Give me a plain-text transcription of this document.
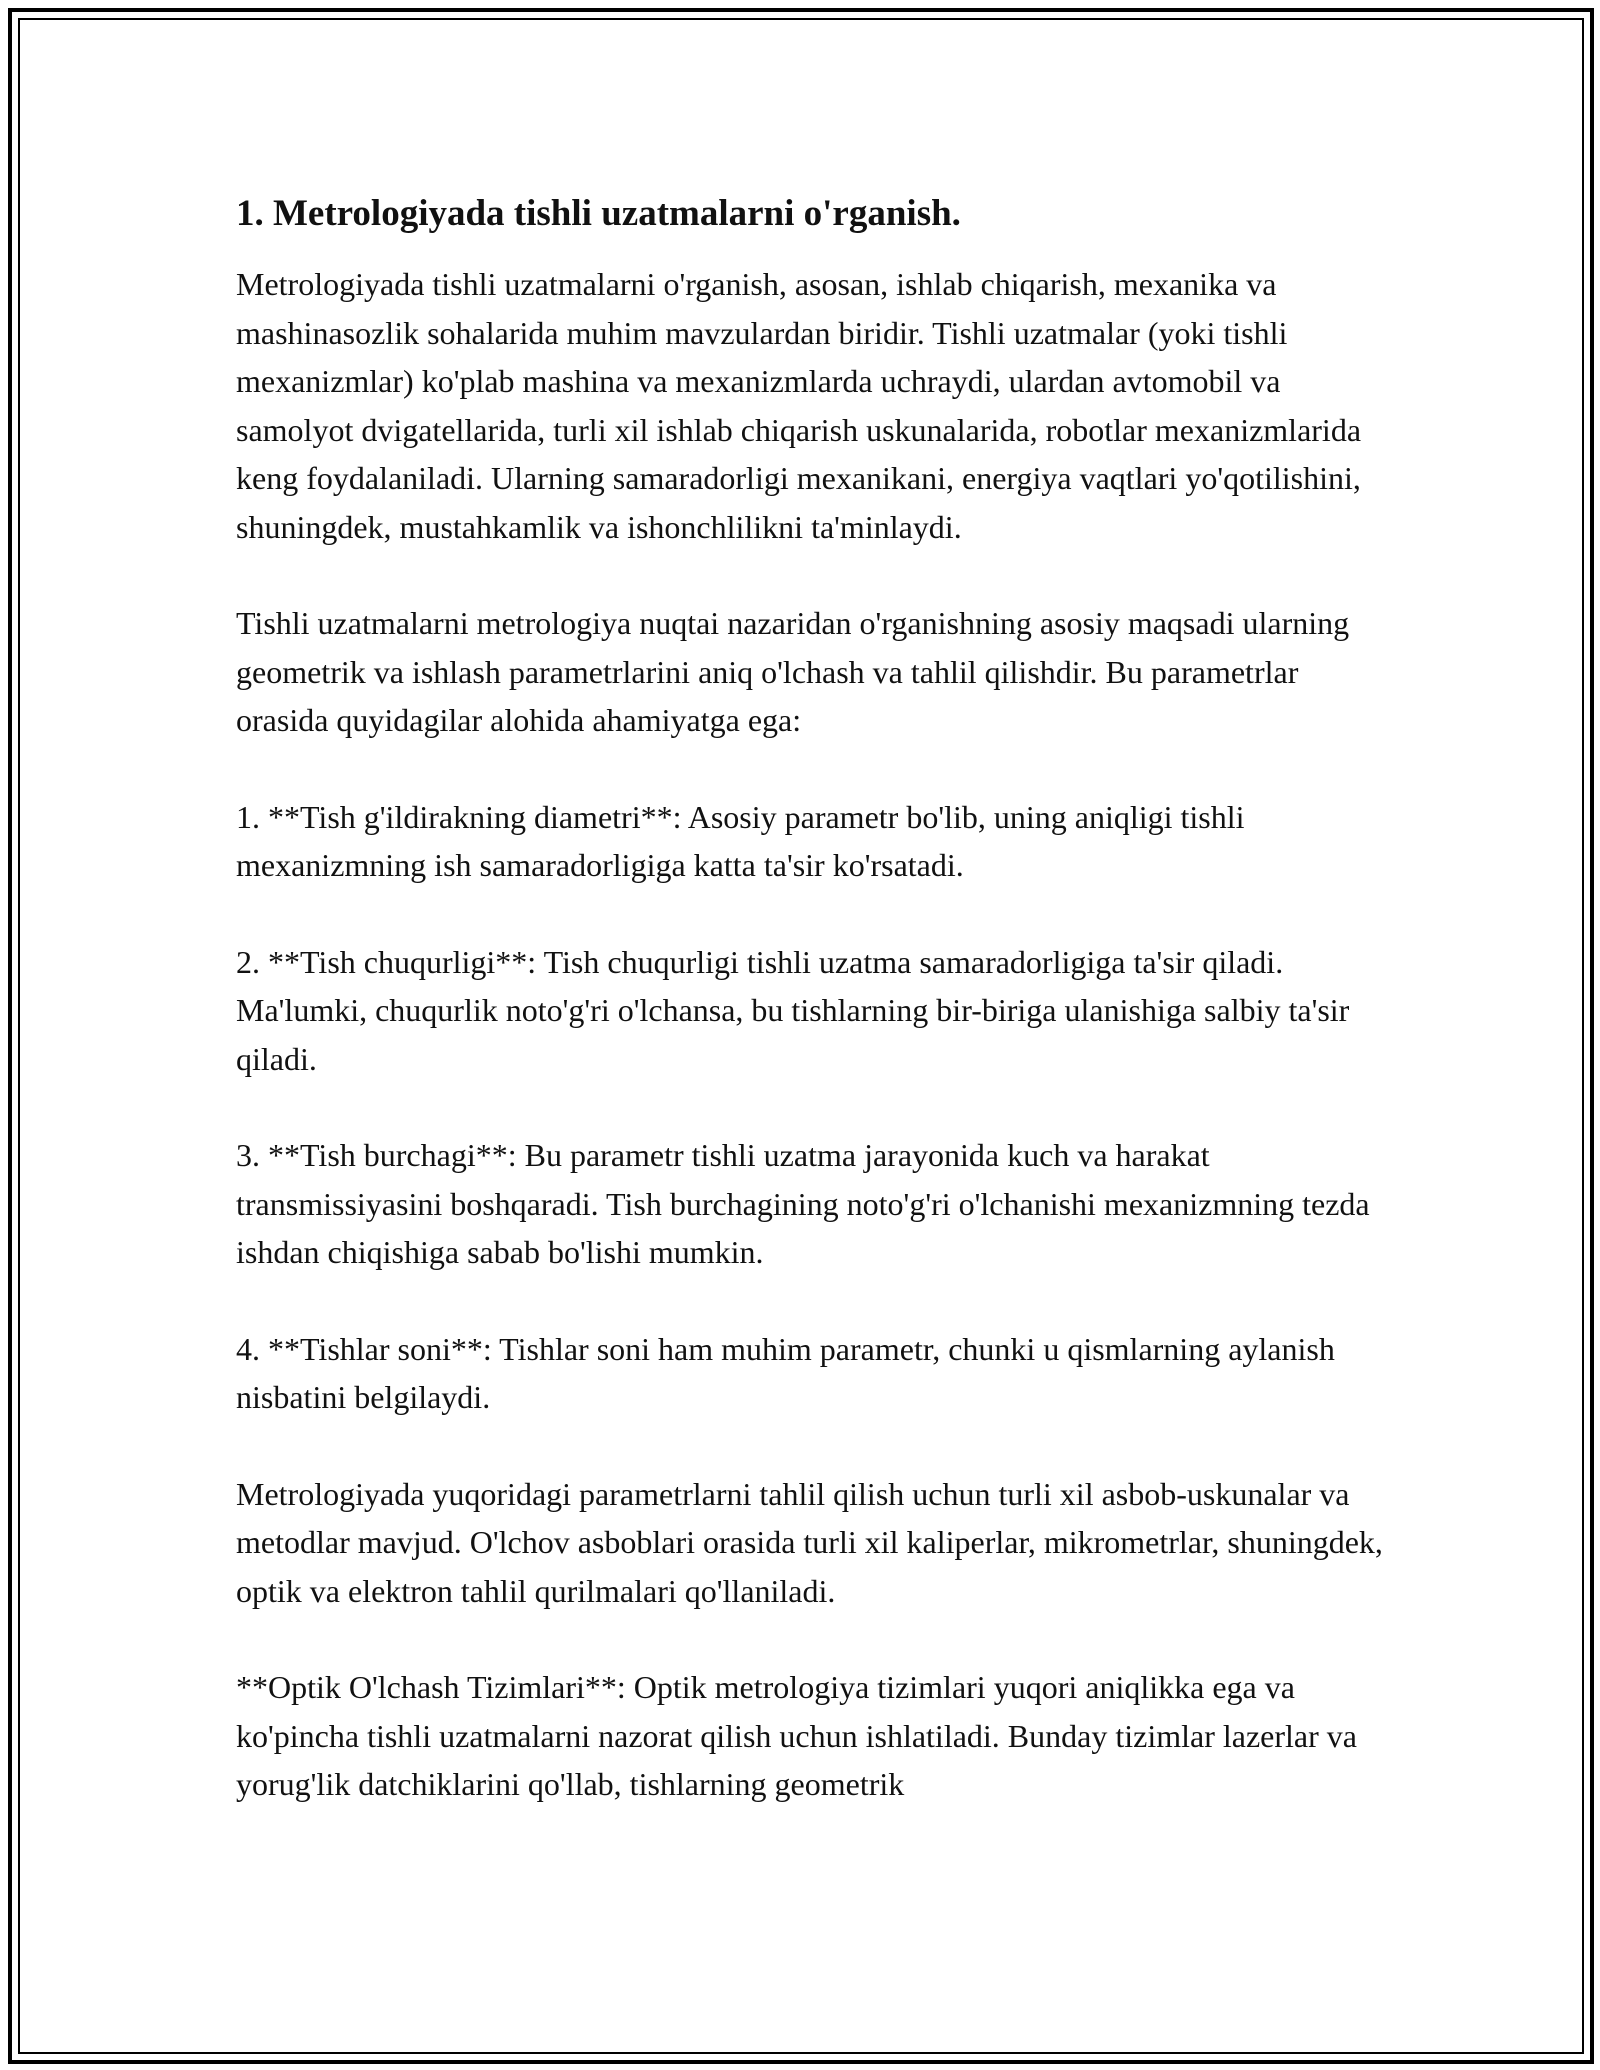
1. Metrologiyada tishli uzatmalarni o'rganish.

Metrologiyada tishli uzatmalarni o'rganish, asosan, ishlab chiqarish, mexanika va mashinasozlik sohalarida muhim mavzulardan biridir. Tishli uzatmalar (yoki tishli mexanizmlar) ko'plab mashina va mexanizmlarda uchraydi, ulardan avtomobil va samolyot dvigatellarida, turli xil ishlab chiqarish uskunalarida, robotlar mexanizmlarida keng foydalaniladi. Ularning samaradorligi mexanikani, energiya vaqtlari yo'qotilishini, shuningdek, mustahkamlik va ishonchlilikni ta'minlaydi.

Tishli uzatmalarni metrologiya nuqtai nazaridan o'rganishning asosiy maqsadi ularning geometrik va ishlash parametrlarini aniq o'lchash va tahlil qilishdir. Bu parametrlar orasida quyidagilar alohida ahamiyatga ega:

1. **Tish g'ildirakning diametri**: Asosiy parametr bo'lib, uning aniqligi tishli mexanizmning ish samaradorligiga katta ta'sir ko'rsatadi.

2. **Tish chuqurligi**: Tish chuqurligi tishli uzatma samaradorligiga ta'sir qiladi. Ma'lumki, chuqurlik noto'g'ri o'lchansa, bu tishlarning bir-biriga ulanishiga salbiy ta'sir qiladi.

3. **Tish burchagi**: Bu parametr tishli uzatma jarayonida kuch va harakat transmissiyasini boshqaradi. Tish burchagining noto'g'ri o'lchanishi mexanizmning tezda ishdan chiqishiga sabab bo'lishi mumkin.

4. **Tishlar soni**: Tishlar soni ham muhim parametr, chunki u qismlarning aylanish nisbatini belgilaydi.

Metrologiyada yuqoridagi parametrlarni tahlil qilish uchun turli xil asbob-uskunalar va metodlar mavjud. O'lchov asboblari orasida turli xil kaliperlar, mikrometrlar, shuningdek, optik va elektron tahlil qurilmalari qo'llaniladi.

**Optik O'lchash Tizimlari**: Optik metrologiya tizimlari yuqori aniqlikka ega va ko'pincha tishli uzatmalarni nazorat qilish uchun ishlatiladi. Bunday tizimlar lazerlar va yorug'lik datchiklarini qo'llab, tishlarning geometrik
